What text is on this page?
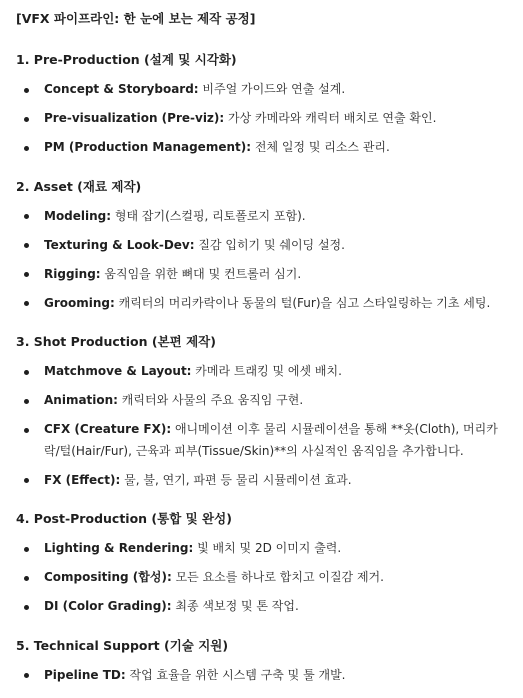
[VFX 파이프라인: 한 눈에 보는 제작 공정]
1. Pre-Production (설계 및 시각화)
Concept & Storyboard: 비주얼 가이드와 연출 설계.
Pre-visualization (Pre-viz): 가상 카메라와 캐릭터 배치로 연출 확인.
PM (Production Management): 전체 일정 및 리소스 관리.
2. Asset (재료 제작)
Modeling: 형태 잡기(스컬핑, 리토폴로지 포함).
Texturing & Look-Dev: 질감 입히기 및 쉐이딩 설정.
Rigging: 움직임을 위한 뼈대 및 컨트롤러 심기.
Grooming: 캐릭터의 머리카락이나 동물의 털(Fur)을 심고 스타일링하는 기초 세팅.
3. Shot Production (본편 제작)
Matchmove & Layout: 카메라 트래킹 및 에셋 배치.
Animation: 캐릭터와 사물의 주요 움직임 구현.
CFX (Creature FX): 애니메이션 이후 물리 시뮬레이션을 통해 **옷(Cloth), 머리카락/털(Hair/Fur), 근육과 피부(Tissue/Skin)**의 사실적인 움직임을 추가합니다.
FX (Effect): 물, 불, 연기, 파편 등 물리 시뮬레이션 효과.
4. Post-Production (통합 및 완성)
Lighting & Rendering: 빛 배치 및 2D 이미지 출력.
Compositing (합성): 모든 요소를 하나로 합치고 이질감 제거.
DI (Color Grading): 최종 색보정 및 톤 작업.
5. Technical Support (기술 지원)
Pipeline TD: 작업 효율을 위한 시스템 구축 및 툴 개발.
